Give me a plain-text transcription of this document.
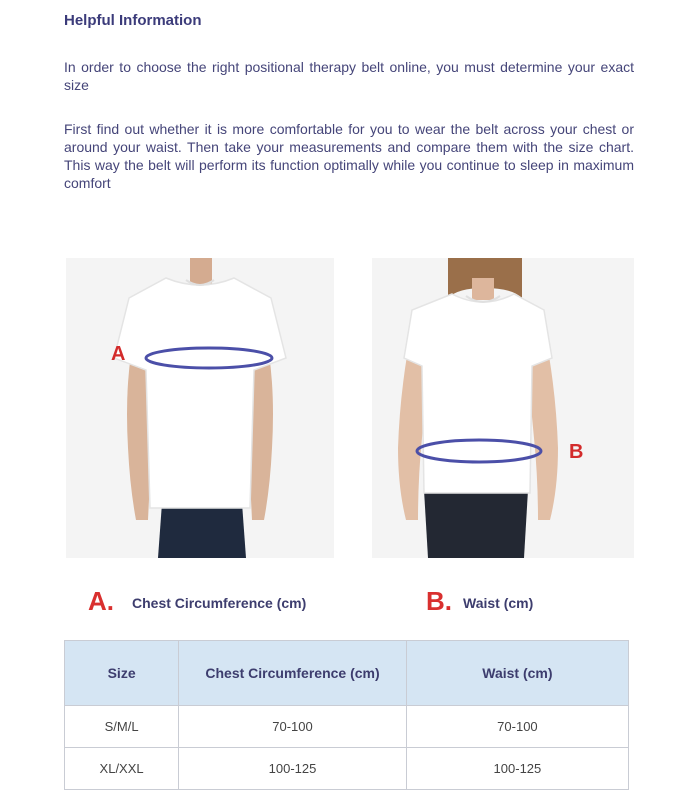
Helpful Information
In order to choose the right positional therapy belt online, you must determine your exact size
First find out whether it is more comfortable for you to wear the belt across your chest or around your waist. Then take your measurements and compare them with the size chart. This way the belt will perform its function optimally while you continue to sleep in maximum comfort
A
B
A. Chest Circumference (cm)	B. Waist (cm)
Size	Chest Circumference (cm)	Waist (cm)
S/M/L	70-100	70-100
XL/XXL	100-125	100-125
